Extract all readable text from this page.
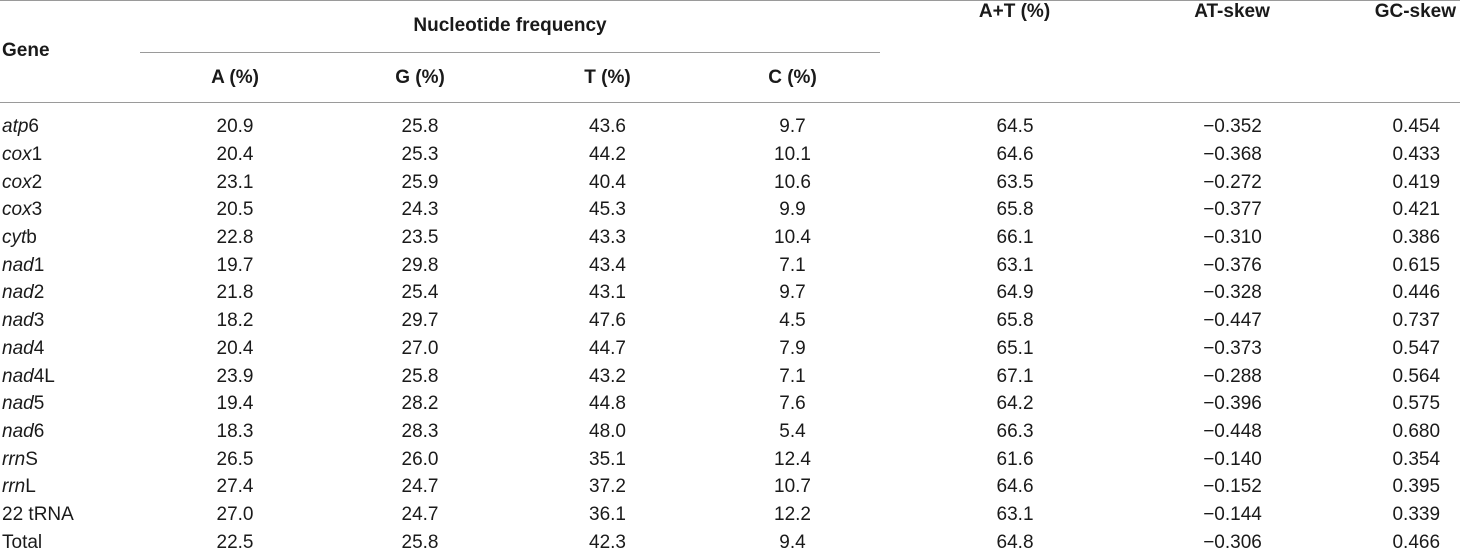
Gene	Nucleotide frequency				A+T (%)	AT-skew	GC-skew
	A (%)	G (%)	T (%)	C (%)			
atp6	20.9	25.8	43.6	9.7	64.5	−0.352	0.454
cox1	20.4	25.3	44.2	10.1	64.6	−0.368	0.433
cox2	23.1	25.9	40.4	10.6	63.5	−0.272	0.419
cox3	20.5	24.3	45.3	9.9	65.8	−0.377	0.421
cytb	22.8	23.5	43.3	10.4	66.1	−0.310	0.386
nad1	19.7	29.8	43.4	7.1	63.1	−0.376	0.615
nad2	21.8	25.4	43.1	9.7	64.9	−0.328	0.446
nad3	18.2	29.7	47.6	4.5	65.8	−0.447	0.737
nad4	20.4	27.0	44.7	7.9	65.1	−0.373	0.547
nad4L	23.9	25.8	43.2	7.1	67.1	−0.288	0.564
nad5	19.4	28.2	44.8	7.6	64.2	−0.396	0.575
nad6	18.3	28.3	48.0	5.4	66.3	−0.448	0.680
rrnS	26.5	26.0	35.1	12.4	61.6	−0.140	0.354
rrnL	27.4	24.7	37.2	10.7	64.6	−0.152	0.395
22 tRNA	27.0	24.7	36.1	12.2	63.1	−0.144	0.339
Total	22.5	25.8	42.3	9.4	64.8	−0.306	0.466
